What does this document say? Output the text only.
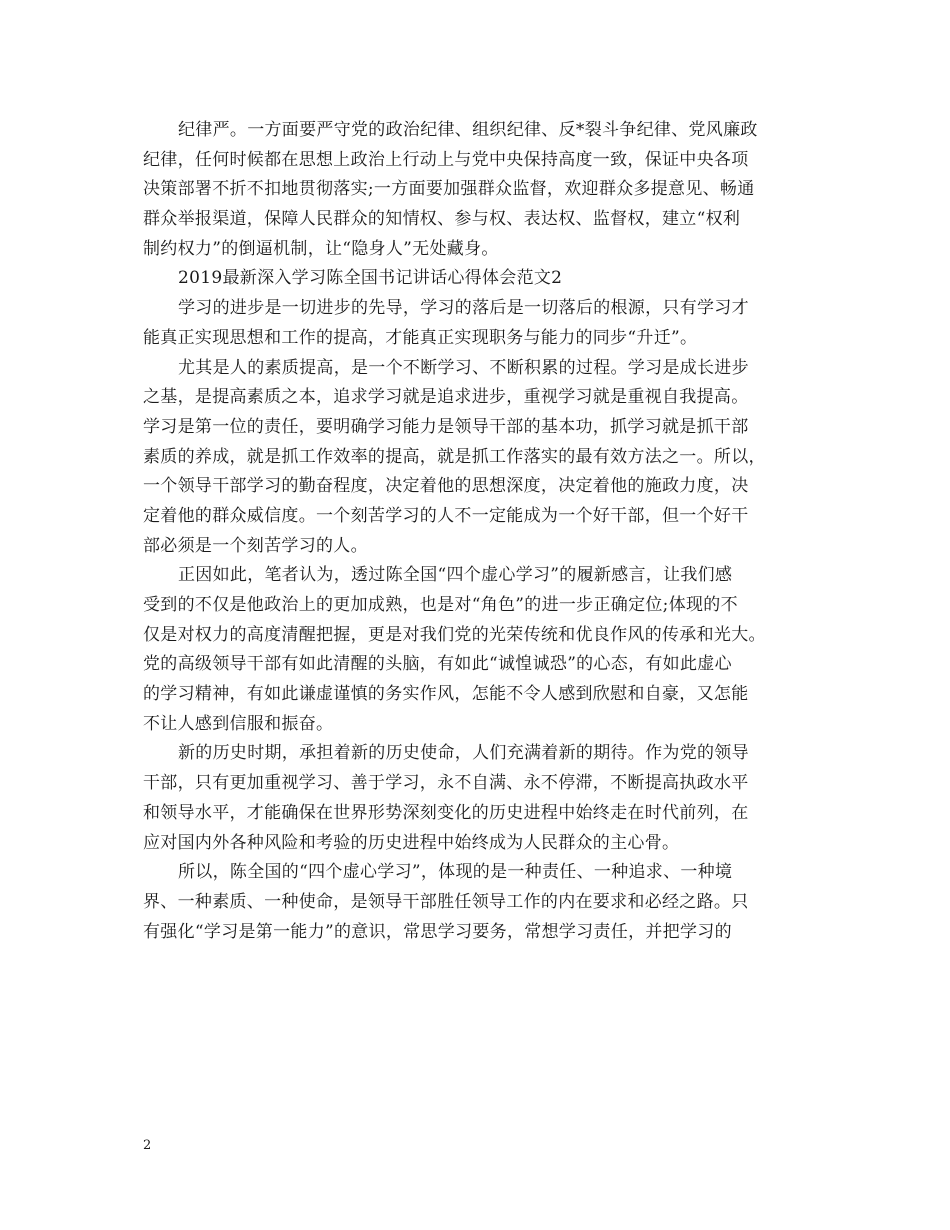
纪律严。一方面要严守党的政治纪律、组织纪律、反*裂斗争纪律、党风廉政
纪律，任何时候都在思想上政治上行动上与党中央保持高度一致，保证中央各项
决策部署不折不扣地贯彻落实;一方面要加强群众监督，欢迎群众多提意见、畅通
群众举报渠道，保障人民群众的知情权、参与权、表达权、监督权，建立“权利
制约权力”的倒逼机制，让“隐身人”无处藏身。
2019最新深入学习陈全国书记讲话心得体会范文2
学习的进步是一切进步的先导，学习的落后是一切落后的根源，只有学习才
能真正实现思想和工作的提高，才能真正实现职务与能力的同步“升迁”。
尤其是人的素质提高，是一个不断学习、不断积累的过程。学习是成长进步
之基，是提高素质之本，追求学习就是追求进步，重视学习就是重视自我提高。
学习是第一位的责任，要明确学习能力是领导干部的基本功，抓学习就是抓干部
素质的养成，就是抓工作效率的提高，就是抓工作落实的最有效方法之一。所以，
一个领导干部学习的勤奋程度，决定着他的思想深度，决定着他的施政力度，决
定着他的群众威信度。一个刻苦学习的人不一定能成为一个好干部，但一个好干
部必须是一个刻苦学习的人。
正因如此，笔者认为，透过陈全国“四个虚心学习”的履新感言，让我们感
受到的不仅是他政治上的更加成熟，也是对“角色”的进一步正确定位;体现的不
仅是对权力的高度清醒把握，更是对我们党的光荣传统和优良作风的传承和光大。
党的高级领导干部有如此清醒的头脑，有如此“诚惶诚恐”的心态，有如此虚心
的学习精神，有如此谦虚谨慎的务实作风，怎能不令人感到欣慰和自豪，又怎能
不让人感到信服和振奋。
新的历史时期，承担着新的历史使命，人们充满着新的期待。作为党的领导
干部，只有更加重视学习、善于学习，永不自满、永不停滞，不断提高执政水平
和领导水平，才能确保在世界形势深刻变化的历史进程中始终走在时代前列，在
应对国内外各种风险和考验的历史进程中始终成为人民群众的主心骨。
所以，陈全国的“四个虚心学习”，体现的是一种责任、一种追求、一种境
界、一种素质、一种使命，是领导干部胜任领导工作的内在要求和必经之路。只
有强化“学习是第一能力”的意识，常思学习要务，常想学习责任，并把学习的
2
